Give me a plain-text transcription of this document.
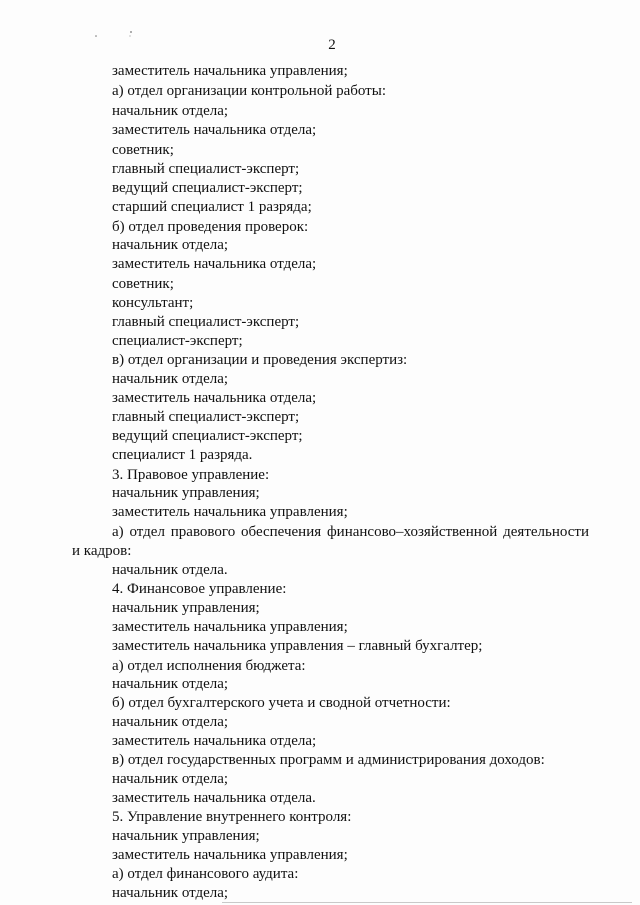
2
заместитель начальника управления;
а) отдел организации контрольной работы:
начальник отдела;
заместитель начальника отдела;
советник;
главный специалист-эксперт;
ведущий специалист-эксперт;
старший специалист 1 разряда;
б) отдел проведения проверок:
начальник отдела;
заместитель начальника отдела;
советник;
консультант;
главный специалист-эксперт;
специалист-эксперт;
в) отдел организации и проведения экспертиз:
начальник отдела;
заместитель начальника отдела;
главный специалист-эксперт;
ведущий специалист-эксперт;
специалист 1 разряда.
3. Правовое управление:
начальник управления;
заместитель начальника управления;
а) отдел правового обеспечения финансово–хозяйственной деятельности
и кадров:
начальник отдела.
4. Финансовое управление:
начальник управления;
заместитель начальника управления;
заместитель начальника управления – главный бухгалтер;
а) отдел исполнения бюджета:
начальник отдела;
б) отдел бухгалтерского учета и сводной отчетности:
начальник отдела;
заместитель начальника отдела;
в) отдел государственных программ и администрирования доходов:
начальник отдела;
заместитель начальника отдела.
5. Управление внутреннего контроля:
начальник управления;
заместитель начальника управления;
а) отдел финансового аудита:
начальник отдела;
